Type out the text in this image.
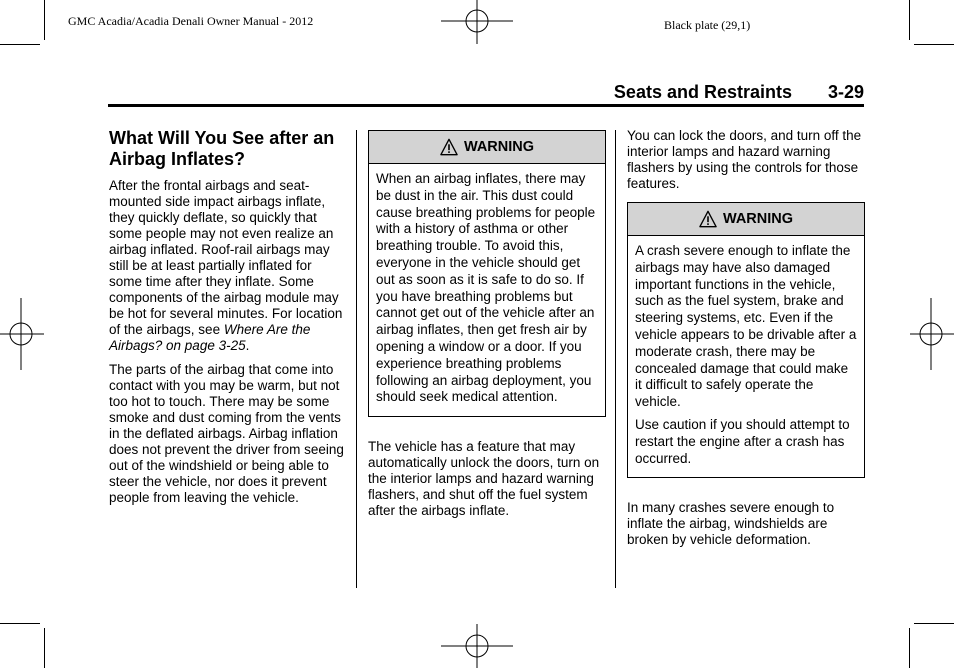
GMC Acadia/Acadia Denali Owner Manual - 2012	Black plate (29,1)
Seats and Restraints 3-29
What Will You See after an Airbag Inflates?

After the frontal airbags and seat-mounted side impact airbags inflate, they quickly deflate, so quickly that some people may not even realize an airbag inflated. Roof-rail airbags may still be at least partially inflated for some time after they inflate. Some components of the airbag module may be hot for several minutes. For location of the airbags, see Where Are the Airbags? on page 3-25.

The parts of the airbag that come into contact with you may be warm, but not too hot to touch. There may be some smoke and dust coming from the vents in the deflated airbags. Airbag inflation does not prevent the driver from seeing out of the windshield or being able to steer the vehicle, nor does it prevent people from leaving the vehicle.

WARNING

When an airbag inflates, there may be dust in the air. This dust could cause breathing problems for people with a history of asthma or other breathing trouble. To avoid this, everyone in the vehicle should get out as soon as it is safe to do so. If you have breathing problems but cannot get out of the vehicle after an airbag inflates, then get fresh air by opening a window or a door. If you experience breathing problems following an airbag deployment, you should seek medical attention.

The vehicle has a feature that may automatically unlock the doors, turn on the interior lamps and hazard warning flashers, and shut off the fuel system after the airbags inflate.

You can lock the doors, and turn off the interior lamps and hazard warning flashers by using the controls for those features.

WARNING

A crash severe enough to inflate the airbags may have also damaged important functions in the vehicle, such as the fuel system, brake and steering systems, etc. Even if the vehicle appears to be drivable after a moderate crash, there may be concealed damage that could make it difficult to safely operate the vehicle.

Use caution if you should attempt to restart the engine after a crash has occurred.

In many crashes severe enough to inflate the airbag, windshields are broken by vehicle deformation.
